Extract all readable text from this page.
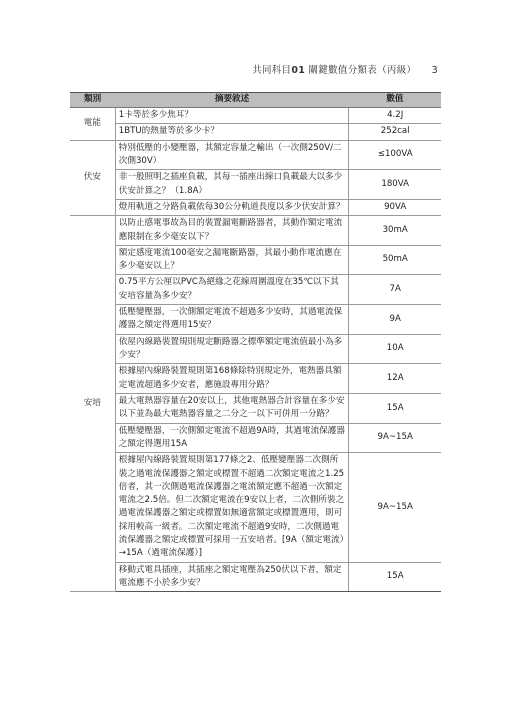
共同科目01 關鍵數值分類表（丙級） 3
類別	摘要敘述	數值
電能	1卡等於多少焦耳？	4.2J
	1BTU的熱量等於多少卡？	252cal
伏安	特別低壓的小變壓器，其額定容量之輸出（一次側250V/二次側30V）	≤100VA
	非一般照明之插座負載，其每一插座出線口負載最大以多少伏安計算之？（1.8A）	180VA
	燈用軌道之分路負載依每30公分軌道長度以多少伏安計算？	90VA
安培	以防止感電事故為目的裝置漏電斷路器者，其動作額定電流應限制在多少毫安以下？	30mA
	額定感度電流100毫安之漏電斷路器，其最小動作電流應在多少毫安以上？	50mA
	0.75平方公厘以PVC為絕緣之花線周圍溫度在35℃以下其安培容量為多少安？	7A
	低壓變壓器，一次側額定電流不超過多少安時，其過電流保護器之額定得選用15安？	9A
	依屋內線路裝置規則規定斷路器之標準額定電流值最小為多少安？	10A
	根據屋內線路裝置規則第168條除特別規定外，電熱器具額定電流超過多少安者，應施設專用分路？	12A
	最大電熱器容量在20安以上，其他電熱器合計容量在多少安以下並為最大電熱器容量之二分之一以下可併用一分路？	15A
	低壓變壓器，一次側額定電流不超過9A時，其過電流保護器之額定得選用15A	9A~15A
	根據屋內線路裝置規則第177條之2、低壓變壓器二次側所裝之過電流保護器之額定或標置不超過二次額定電流之1.25倍者，其一次側過電流保護器之電流額定應不超過一次額定電流之2.5倍。但二次額定電流在9安以上者，二次側所裝之過電流保護器之額定或標置如無適當額定或標置選用，則可採用較高一級者。二次額定電流不超過9安時，二次側過電流保護器之額定或標置可採用一五安培者。[9A（額定電流）→15A（過電流保護）]	9A~15A
	移動式電具插座，其插座之額定電壓為250伏以下者，額定電流應不小於多少安？	15A
